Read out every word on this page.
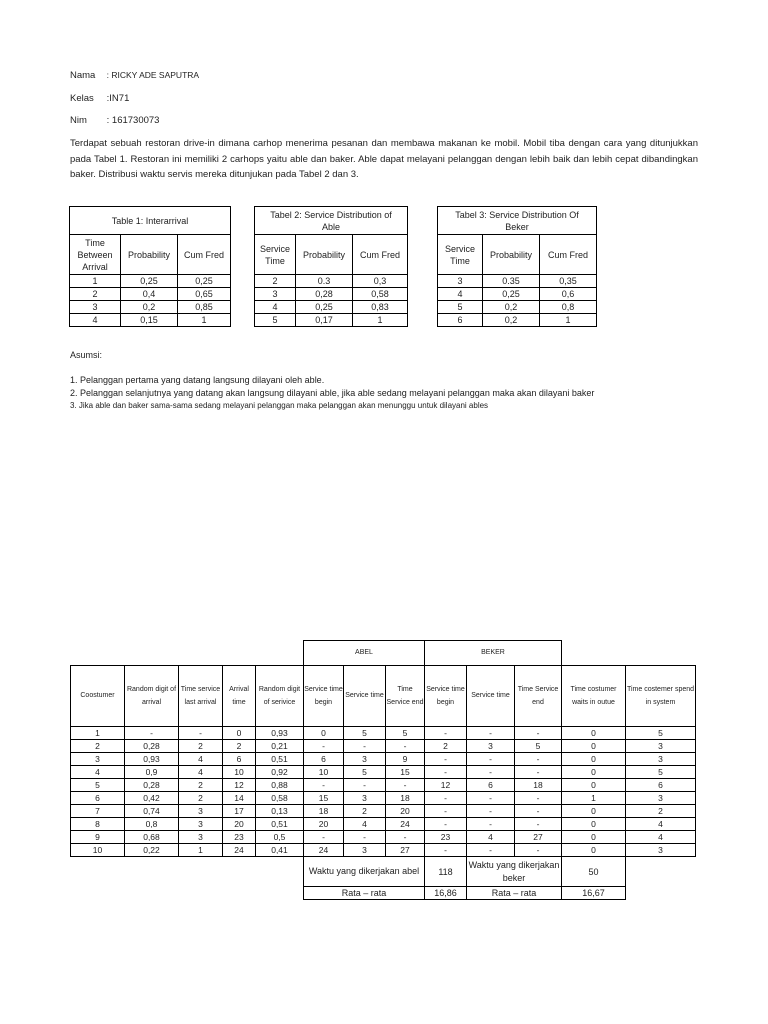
Nama : RICKY ADE SAPUTRA
Kelas :IN71
Nim : 161730073
Terdapat sebuah restoran drive-in dimana carhop menerima pesanan dan membawa makanan ke mobil. Mobil tiba dengan cara yang ditunjukkan pada Tabel 1. Restoran ini memiliki 2 carhops yaitu able dan baker. Able dapat melayani pelanggan dengan lebih baik dan lebih cepat dibandingkan baker. Distribusi waktu servis mereka ditunjukan pada Tabel 2 dan 3.
Table 1: Interarrival		
Time Between Arrival	Probability	Cum Fred
1	0,25	0,25
2	0,4	0,65
3	0,2	0,85
4	0,15	1
Tabel 2: Service Distribution of Able		
Service Time	Probability	Cum Fred
2	0.3	0,3
3	0,28	0,58
4	0,25	0,83
5	0,17	1
Tabel 3: Service Distribution Of Beker		
Service Time	Probability	Cum Fred
3	0.35	0,35
4	0,25	0,6
5	0,2	0,8
6	0,2	1
Asumsi:
1. Pelanggan pertama yang datang langsung dilayani oleh able.
2. Pelanggan selanjutnya yang datang akan langsung dilayani able, jika able sedang melayani pelanggan maka akan dilayani baker
3. Jika able dan baker sama-sama sedang melayani pelanggan maka pelanggan akan menunggu untuk dilayani ables
					ABEL			BEKER				
Coostumer	Random digit of arrival	Time service last arrival	Arrival time	Random digit of serivice	Service time begin	Service time	Time Service end	Service time begin	Service time	Time Service end	Time costumer waits in outue	Time costemer spend in system
1	-	-	0	0,93	0	5	5	-	-	-	0	5
2	0,28	2	2	0,21	-	-	-	2	3	5	0	3
3	0,93	4	6	0,51	6	3	9	-	-	-	0	3
4	0,9	4	10	0,92	10	5	15	-	-	-	0	5
5	0,28	2	12	0,88	-	-	-	12	6	18	0	6
6	0,42	2	14	0,58	15	3	18	-	-	-	1	3
7	0,74	3	17	0,13	18	2	20	-	-	-	0	2
8	0,8	3	20	0,51	20	4	24	-	-	-	0	4
9	0,68	3	23	0,5	-	-	-	23	4	27	0	4
10	0,22	1	24	0,41	24	3	27	-	-	-	0	3
					Waktu yang dikerjakan abel			118	Waktu yang dikerjakan beker		50	
					Rata – rata			16,86	Rata – rata		16,67	
